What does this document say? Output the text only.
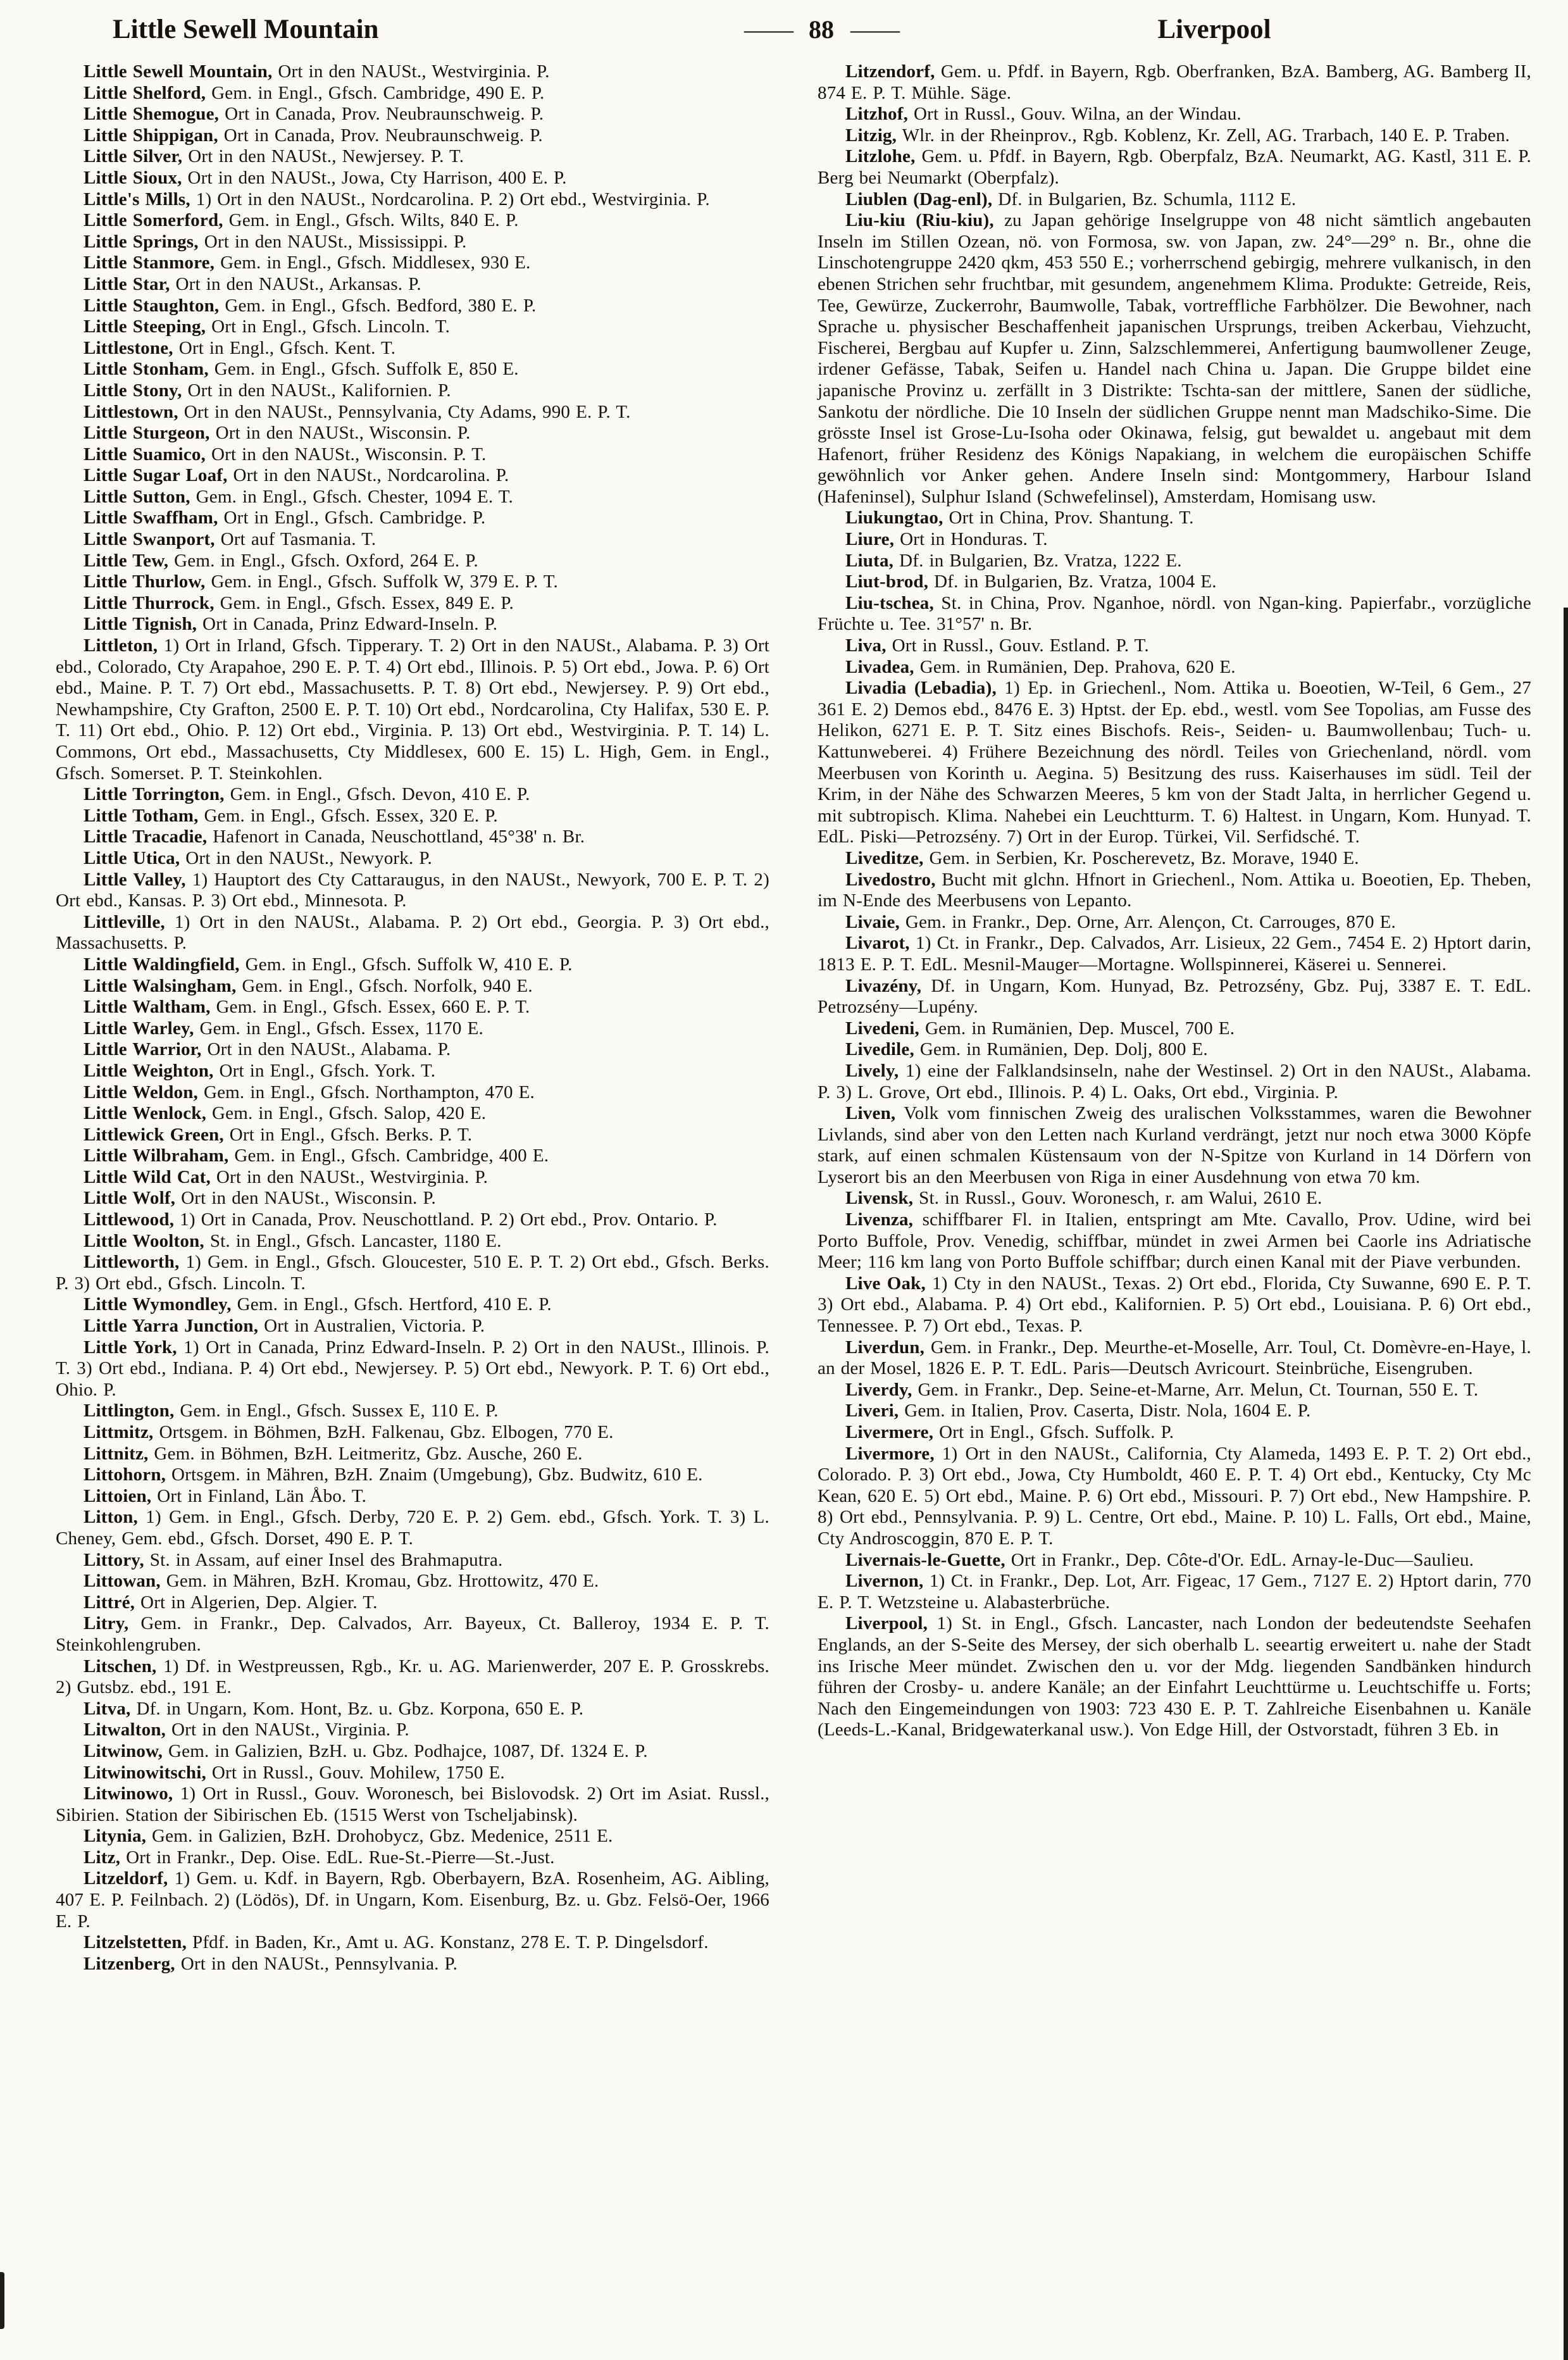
Little Sewell Mountain	—— 88 ——	Liverpool

Little Sewell Mountain, Ort in den NAUSt., Westvirginia. P.

Little Shelford, Gem. in Engl., Gfsch. Cambridge, 490 E. P.

Little Shemogue, Ort in Canada, Prov. Neubraunschweig. P.

Little Shippigan, Ort in Canada, Prov. Neubraunschweig. P.

Little Silver, Ort in den NAUSt., Newjersey. P. T.

Little Sioux, Ort in den NAUSt., Jowa, Cty Harrison, 400 E. P.

Little's Mills, 1) Ort in den NAUSt., Nordcarolina. P. 2) Ort ebd., Westvirginia. P.

Little Somerford, Gem. in Engl., Gfsch. Wilts, 840 E. P.

Little Springs, Ort in den NAUSt., Mississippi. P.

Little Stanmore, Gem. in Engl., Gfsch. Middlesex, 930 E.

Little Star, Ort in den NAUSt., Arkansas. P.

Little Staughton, Gem. in Engl., Gfsch. Bedford, 380 E. P.

Little Steeping, Ort in Engl., Gfsch. Lincoln. T.

Littlestone, Ort in Engl., Gfsch. Kent. T.

Little Stonham, Gem. in Engl., Gfsch. Suffolk E, 850 E.

Little Stony, Ort in den NAUSt., Kalifornien. P.

Littlestown, Ort in den NAUSt., Pennsylvania, Cty Adams, 990 E. P. T.

Little Sturgeon, Ort in den NAUSt., Wisconsin. P.

Little Suamico, Ort in den NAUSt., Wisconsin. P. T.

Little Sugar Loaf, Ort in den NAUSt., Nordcarolina. P.

Little Sutton, Gem. in Engl., Gfsch. Chester, 1094 E. T.

Little Swaffham, Ort in Engl., Gfsch. Cambridge. P.

Little Swanport, Ort auf Tasmania. T.

Little Tew, Gem. in Engl., Gfsch. Oxford, 264 E. P.

Little Thurlow, Gem. in Engl., Gfsch. Suffolk W, 379 E. P. T.

Little Thurrock, Gem. in Engl., Gfsch. Essex, 849 E. P.

Little Tignish, Ort in Canada, Prinz Edward-Inseln. P.

Littleton, 1) Ort in Irland, Gfsch. Tipperary. T. 2) Ort in den NAUSt., Alabama. P. 3) Ort ebd., Colorado, Cty Arapahoe, 290 E. P. T. 4) Ort ebd., Illinois. P. 5) Ort ebd., Jowa. P. 6) Ort ebd., Maine. P. T. 7) Ort ebd., Massachusetts. P. T. 8) Ort ebd., Newjersey. P. 9) Ort ebd., Newhampshire, Cty Grafton, 2500 E. P. T. 10) Ort ebd., Nordcarolina, Cty Halifax, 530 E. P. T. 11) Ort ebd., Ohio. P. 12) Ort ebd., Virginia. P. 13) Ort ebd., Westvirginia. P. T. 14) L. Commons, Ort ebd., Massachusetts, Cty Middlesex, 600 E. 15) L. High, Gem. in Engl., Gfsch. Somerset. P. T. Steinkohlen.

Little Torrington, Gem. in Engl., Gfsch. Devon, 410 E. P.

Little Totham, Gem. in Engl., Gfsch. Essex, 320 E. P.

Little Tracadie, Hafenort in Canada, Neuschottland, 45°38' n. Br.

Little Utica, Ort in den NAUSt., Newyork. P.

Little Valley, 1) Hauptort des Cty Cattaraugus, in den NAUSt., Newyork, 700 E. P. T. 2) Ort ebd., Kansas. P. 3) Ort ebd., Minnesota. P.

Littleville, 1) Ort in den NAUSt., Alabama. P. 2) Ort ebd., Georgia. P. 3) Ort ebd., Massachusetts. P.

Little Waldingfield, Gem. in Engl., Gfsch. Suffolk W, 410 E. P.

Little Walsingham, Gem. in Engl., Gfsch. Norfolk, 940 E.

Little Waltham, Gem. in Engl., Gfsch. Essex, 660 E. P. T.

Little Warley, Gem. in Engl., Gfsch. Essex, 1170 E.

Little Warrior, Ort in den NAUSt., Alabama. P.

Little Weighton, Ort in Engl., Gfsch. York. T.

Little Weldon, Gem. in Engl., Gfsch. Northampton, 470 E.

Little Wenlock, Gem. in Engl., Gfsch. Salop, 420 E.

Littlewick Green, Ort in Engl., Gfsch. Berks. P. T.

Little Wilbraham, Gem. in Engl., Gfsch. Cambridge, 400 E.

Little Wild Cat, Ort in den NAUSt., Westvirginia. P.

Little Wolf, Ort in den NAUSt., Wisconsin. P.

Littlewood, 1) Ort in Canada, Prov. Neuschottland. P. 2) Ort ebd., Prov. Ontario. P.

Little Woolton, St. in Engl., Gfsch. Lancaster, 1180 E.

Littleworth, 1) Gem. in Engl., Gfsch. Gloucester, 510 E. P. T. 2) Ort ebd., Gfsch. Berks. P. 3) Ort ebd., Gfsch. Lincoln. T.

Little Wymondley, Gem. in Engl., Gfsch. Hertford, 410 E. P.

Little Yarra Junction, Ort in Australien, Victoria. P.

Little York, 1) Ort in Canada, Prinz Edward-Inseln. P. 2) Ort in den NAUSt., Illinois. P. T. 3) Ort ebd., Indiana. P. 4) Ort ebd., Newjersey. P. 5) Ort ebd., Newyork. P. T. 6) Ort ebd., Ohio. P.

Littlington, Gem. in Engl., Gfsch. Sussex E, 110 E. P.

Littmitz, Ortsgem. in Böhmen, BzH. Falkenau, Gbz. Elbogen, 770 E.

Littnitz, Gem. in Böhmen, BzH. Leitmeritz, Gbz. Ausche, 260 E.

Littohorn, Ortsgem. in Mähren, BzH. Znaim (Umgebung), Gbz. Budwitz, 610 E.

Littoien, Ort in Finland, Län Åbo. T.

Litton, 1) Gem. in Engl., Gfsch. Derby, 720 E. P. 2) Gem. ebd., Gfsch. York. T. 3) L. Cheney, Gem. ebd., Gfsch. Dorset, 490 E. P. T.

Littory, St. in Assam, auf einer Insel des Brahmaputra.

Littowan, Gem. in Mähren, BzH. Kromau, Gbz. Hrottowitz, 470 E.

Littré, Ort in Algerien, Dep. Algier. T.

Litry, Gem. in Frankr., Dep. Calvados, Arr. Bayeux, Ct. Balleroy, 1934 E. P. T. Steinkohlengruben.

Litschen, 1) Df. in Westpreussen, Rgb., Kr. u. AG. Marienwerder, 207 E. P. Grosskrebs. 2) Gutsbz. ebd., 191 E.

Litva, Df. in Ungarn, Kom. Hont, Bz. u. Gbz. Korpona, 650 E. P.

Litwalton, Ort in den NAUSt., Virginia. P.

Litwinow, Gem. in Galizien, BzH. u. Gbz. Podhajce, 1087, Df. 1324 E. P.

Litwinowitschi, Ort in Russl., Gouv. Mohilew, 1750 E.

Litwinowo, 1) Ort in Russl., Gouv. Woronesch, bei Bislovodsk. 2) Ort im Asiat. Russl., Sibirien. Station der Sibirischen Eb. (1515 Werst von Tscheljabinsk).

Litynia, Gem. in Galizien, BzH. Drohobycz, Gbz. Medenice, 2511 E.

Litz, Ort in Frankr., Dep. Oise. EdL. Rue-St.-Pierre—St.-Just.

Litzeldorf, 1) Gem. u. Kdf. in Bayern, Rgb. Oberbayern, BzA. Rosenheim, AG. Aibling, 407 E. P. Feilnbach. 2) (Lödös), Df. in Ungarn, Kom. Eisenburg, Bz. u. Gbz. Felsö-Oer, 1966 E. P.

Litzelstetten, Pfdf. in Baden, Kr., Amt u. AG. Konstanz, 278 E. T. P. Dingelsdorf.

Litzenberg, Ort in den NAUSt., Pennsylvania. P.

Litzendorf, Gem. u. Pfdf. in Bayern, Rgb. Oberfranken, BzA. Bamberg, AG. Bamberg II, 874 E. P. T. Mühle. Säge.

Litzhof, Ort in Russl., Gouv. Wilna, an der Windau.

Litzig, Wlr. in der Rheinprov., Rgb. Koblenz, Kr. Zell, AG. Trarbach, 140 E. P. Traben.

Litzlohe, Gem. u. Pfdf. in Bayern, Rgb. Oberpfalz, BzA. Neumarkt, AG. Kastl, 311 E. P. Berg bei Neumarkt (Oberpfalz).

Liublen (Dag-enl), Df. in Bulgarien, Bz. Schumla, 1112 E.

Liu-kiu (Riu-kiu), zu Japan gehörige Inselgruppe von 48 nicht sämtlich angebauten Inseln im Stillen Ozean, nö. von Formosa, sw. von Japan, zw. 24°—29° n. Br., ohne die Linschotengruppe 2420 qkm, 453 550 E.; vorherrschend gebirgig, mehrere vulkanisch, in den ebenen Strichen sehr fruchtbar, mit gesundem, angenehmem Klima. Produkte: Getreide, Reis, Tee, Gewürze, Zuckerrohr, Baumwolle, Tabak, vortreffliche Farbhölzer. Die Bewohner, nach Sprache u. physischer Beschaffenheit japanischen Ursprungs, treiben Ackerbau, Viehzucht, Fischerei, Bergbau auf Kupfer u. Zinn, Salzschlemmerei, Anfertigung baumwollener Zeuge, irdener Gefässe, Tabak, Seifen u. Handel nach China u. Japan. Die Gruppe bildet eine japanische Provinz u. zerfällt in 3 Distrikte: Tschta-san der mittlere, Sanen der südliche, Sankotu der nördliche. Die 10 Inseln der südlichen Gruppe nennt man Madschiko-Sime. Die grösste Insel ist Grose-Lu-Isoha oder Okinawa, felsig, gut bewaldet u. angebaut mit dem Hafenort, früher Residenz des Königs Napakiang, in welchem die europäischen Schiffe gewöhnlich vor Anker gehen. Andere Inseln sind: Montgommery, Harbour Island (Hafeninsel), Sulphur Island (Schwefelinsel), Amsterdam, Homisang usw.

Liukungtao, Ort in China, Prov. Shantung. T.

Liure, Ort in Honduras. T.

Liuta, Df. in Bulgarien, Bz. Vratza, 1222 E.

Liut-brod, Df. in Bulgarien, Bz. Vratza, 1004 E.

Liu-tschea, St. in China, Prov. Nganhoe, nördl. von Ngan-king. Papierfabr., vorzügliche Früchte u. Tee. 31°57' n. Br.

Liva, Ort in Russl., Gouv. Estland. P. T.

Livadea, Gem. in Rumänien, Dep. Prahova, 620 E.

Livadia (Lebadia), 1) Ep. in Griechenl., Nom. Attika u. Boeotien, W-Teil, 6 Gem., 27 361 E. 2) Demos ebd., 8476 E. 3) Hptst. der Ep. ebd., westl. vom See Topolias, am Fusse des Helikon, 6271 E. P. T. Sitz eines Bischofs. Reis-, Seiden- u. Baumwollenbau; Tuch- u. Kattunweberei. 4) Frühere Bezeichnung des nördl. Teiles von Griechenland, nördl. vom Meerbusen von Korinth u. Aegina. 5) Besitzung des russ. Kaiserhauses im südl. Teil der Krim, in der Nähe des Schwarzen Meeres, 5 km von der Stadt Jalta, in herrlicher Gegend u. mit subtropisch. Klima. Nahebei ein Leuchtturm. T. 6) Haltest. in Ungarn, Kom. Hunyad. T. EdL. Piski—Petrozsény. 7) Ort in der Europ. Türkei, Vil. Serfidsché. T.

Liveditze, Gem. in Serbien, Kr. Poscherevetz, Bz. Morave, 1940 E.

Livedostro, Bucht mit glchn. Hfnort in Griechenl., Nom. Attika u. Boeotien, Ep. Theben, im N-Ende des Meerbusens von Lepanto.

Livaie, Gem. in Frankr., Dep. Orne, Arr. Alençon, Ct. Carrouges, 870 E.

Livarot, 1) Ct. in Frankr., Dep. Calvados, Arr. Lisieux, 22 Gem., 7454 E. 2) Hptort darin, 1813 E. P. T. EdL. Mesnil-Mauger—Mortagne. Wollspinnerei, Käserei u. Sennerei.

Livazény, Df. in Ungarn, Kom. Hunyad, Bz. Petrozsény, Gbz. Puj, 3387 E. T. EdL. Petrozsény—Lupény.

Livedeni, Gem. in Rumänien, Dep. Muscel, 700 E.

Livedile, Gem. in Rumänien, Dep. Dolj, 800 E.

Lively, 1) eine der Falklandsinseln, nahe der Westinsel. 2) Ort in den NAUSt., Alabama. P. 3) L. Grove, Ort ebd., Illinois. P. 4) L. Oaks, Ort ebd., Virginia. P.

Liven, Volk vom finnischen Zweig des uralischen Volksstammes, waren die Bewohner Livlands, sind aber von den Letten nach Kurland verdrängt, jetzt nur noch etwa 3000 Köpfe stark, auf einen schmalen Küstensaum von der N-Spitze von Kurland in 14 Dörfern von Lyserort bis an den Meerbusen von Riga in einer Ausdehnung von etwa 70 km.

Livensk, St. in Russl., Gouv. Woronesch, r. am Walui, 2610 E.

Livenza, schiffbarer Fl. in Italien, entspringt am Mte. Cavallo, Prov. Udine, wird bei Porto Buffole, Prov. Venedig, schiffbar, mündet in zwei Armen bei Caorle ins Adriatische Meer; 116 km lang von Porto Buffole schiffbar; durch einen Kanal mit der Piave verbunden.

Live Oak, 1) Cty in den NAUSt., Texas. 2) Ort ebd., Florida, Cty Suwanne, 690 E. P. T. 3) Ort ebd., Alabama. P. 4) Ort ebd., Kalifornien. P. 5) Ort ebd., Louisiana. P. 6) Ort ebd., Tennessee. P. 7) Ort ebd., Texas. P.

Liverdun, Gem. in Frankr., Dep. Meurthe-et-Moselle, Arr. Toul, Ct. Domèvre-en-Haye, l. an der Mosel, 1826 E. P. T. EdL. Paris—Deutsch Avricourt. Steinbrüche, Eisengruben.

Liverdy, Gem. in Frankr., Dep. Seine-et-Marne, Arr. Melun, Ct. Tournan, 550 E. T.

Liveri, Gem. in Italien, Prov. Caserta, Distr. Nola, 1604 E. P.

Livermere, Ort in Engl., Gfsch. Suffolk. P.

Livermore, 1) Ort in den NAUSt., California, Cty Alameda, 1493 E. P. T. 2) Ort ebd., Colorado. P. 3) Ort ebd., Jowa, Cty Humboldt, 460 E. P. T. 4) Ort ebd., Kentucky, Cty Mc Kean, 620 E. 5) Ort ebd., Maine. P. 6) Ort ebd., Missouri. P. 7) Ort ebd., New Hampshire. P. 8) Ort ebd., Pennsylvania. P. 9) L. Centre, Ort ebd., Maine. P. 10) L. Falls, Ort ebd., Maine, Cty Androscoggin, 870 E. P. T.

Livernais-le-Guette, Ort in Frankr., Dep. Côte-d'Or. EdL. Arnay-le-Duc—Saulieu.

Livernon, 1) Ct. in Frankr., Dep. Lot, Arr. Figeac, 17 Gem., 7127 E. 2) Hptort darin, 770 E. P. T. Wetzsteine u. Alabasterbrüche.

Liverpool, 1) St. in Engl., Gfsch. Lancaster, nach London der bedeutendste Seehafen Englands, an der S-Seite des Mersey, der sich oberhalb L. seeartig erweitert u. nahe der Stadt ins Irische Meer mündet. Zwischen den u. vor der Mdg. liegenden Sandbänken hindurch führen der Crosby- u. andere Kanäle; an der Einfahrt Leuchttürme u. Leuchtschiffe u. Forts; Nach den Eingemeindungen von 1903: 723 430 E. P. T. Zahlreiche Eisenbahnen u. Kanäle (Leeds-L.-Kanal, Bridgewaterkanal usw.). Von Edge Hill, der Ostvorstadt, führen 3 Eb. in
